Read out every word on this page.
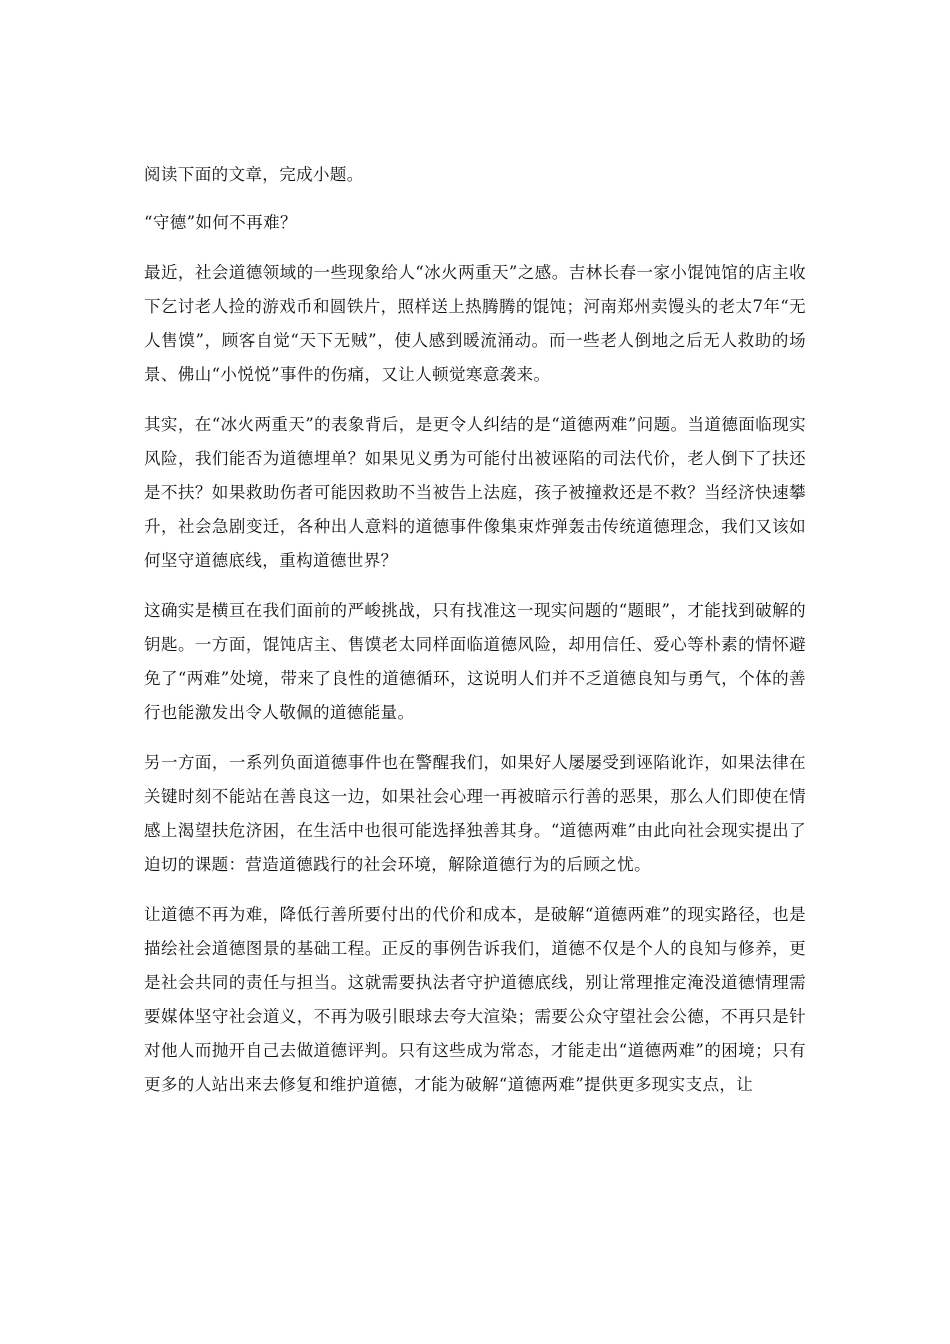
阅读下面的文章，完成小题。

“守德”如何不再难？

最近，社会道德领域的一些现象给人“冰火两重天”之感。吉林长春一家小馄饨馆的店主收下乞讨老人捡的游戏币和圆铁片，照样送上热腾腾的馄饨；河南郑州卖馒头的老太7年“无人售馍”，顾客自觉“天下无贼”，使人感到暖流涌动。而一些老人倒地之后无人救助的场景、佛山“小悦悦”事件的伤痛，又让人顿觉寒意袭来。

其实，在“冰火两重天”的表象背后，是更令人纠结的是“道德两难”问题。当道德面临现实风险，我们能否为道德埋单？如果见义勇为可能付出被诬陷的司法代价，老人倒下了扶还是不扶？如果救助伤者可能因救助不当被告上法庭，孩子被撞救还是不救？当经济快速攀升，社会急剧变迁，各种出人意料的道德事件像集束炸弹轰击传统道德理念，我们又该如何坚守道德底线，重构道德世界？

这确实是横亘在我们面前的严峻挑战，只有找准这一现实问题的“题眼”，才能找到破解的钥匙。一方面，馄饨店主、售馍老太同样面临道德风险，却用信任、爱心等朴素的情怀避免了“两难”处境，带来了良性的道德循环，这说明人们并不乏道德良知与勇气，个体的善行也能激发出令人敬佩的道德能量。

另一方面，一系列负面道德事件也在警醒我们，如果好人屡屡受到诬陷讹诈，如果法律在关键时刻不能站在善良这一边，如果社会心理一再被暗示行善的恶果，那么人们即使在情感上渴望扶危济困，在生活中也很可能选择独善其身。“道德两难”由此向社会现实提出了迫切的课题：营造道德践行的社会环境，解除道德行为的后顾之忧。

让道德不再为难，降低行善所要付出的代价和成本，是破解“道德两难”的现实路径，也是描绘社会道德图景的基础工程。正反的事例告诉我们，道德不仅是个人的良知与修养，更是社会共同的责任与担当。这就需要执法者守护道德底线，别让常理推定淹没道德情理需要媒体坚守社会道义，不再为吸引眼球去夸大渲染；需要公众守望社会公德，不再只是针对他人而抛开自己去做道德评判。只有这些成为常态，才能走出“道德两难”的困境；只有更多的人站出来去修复和维护道德，才能为破解“道德两难”提供更多现实支点，让
